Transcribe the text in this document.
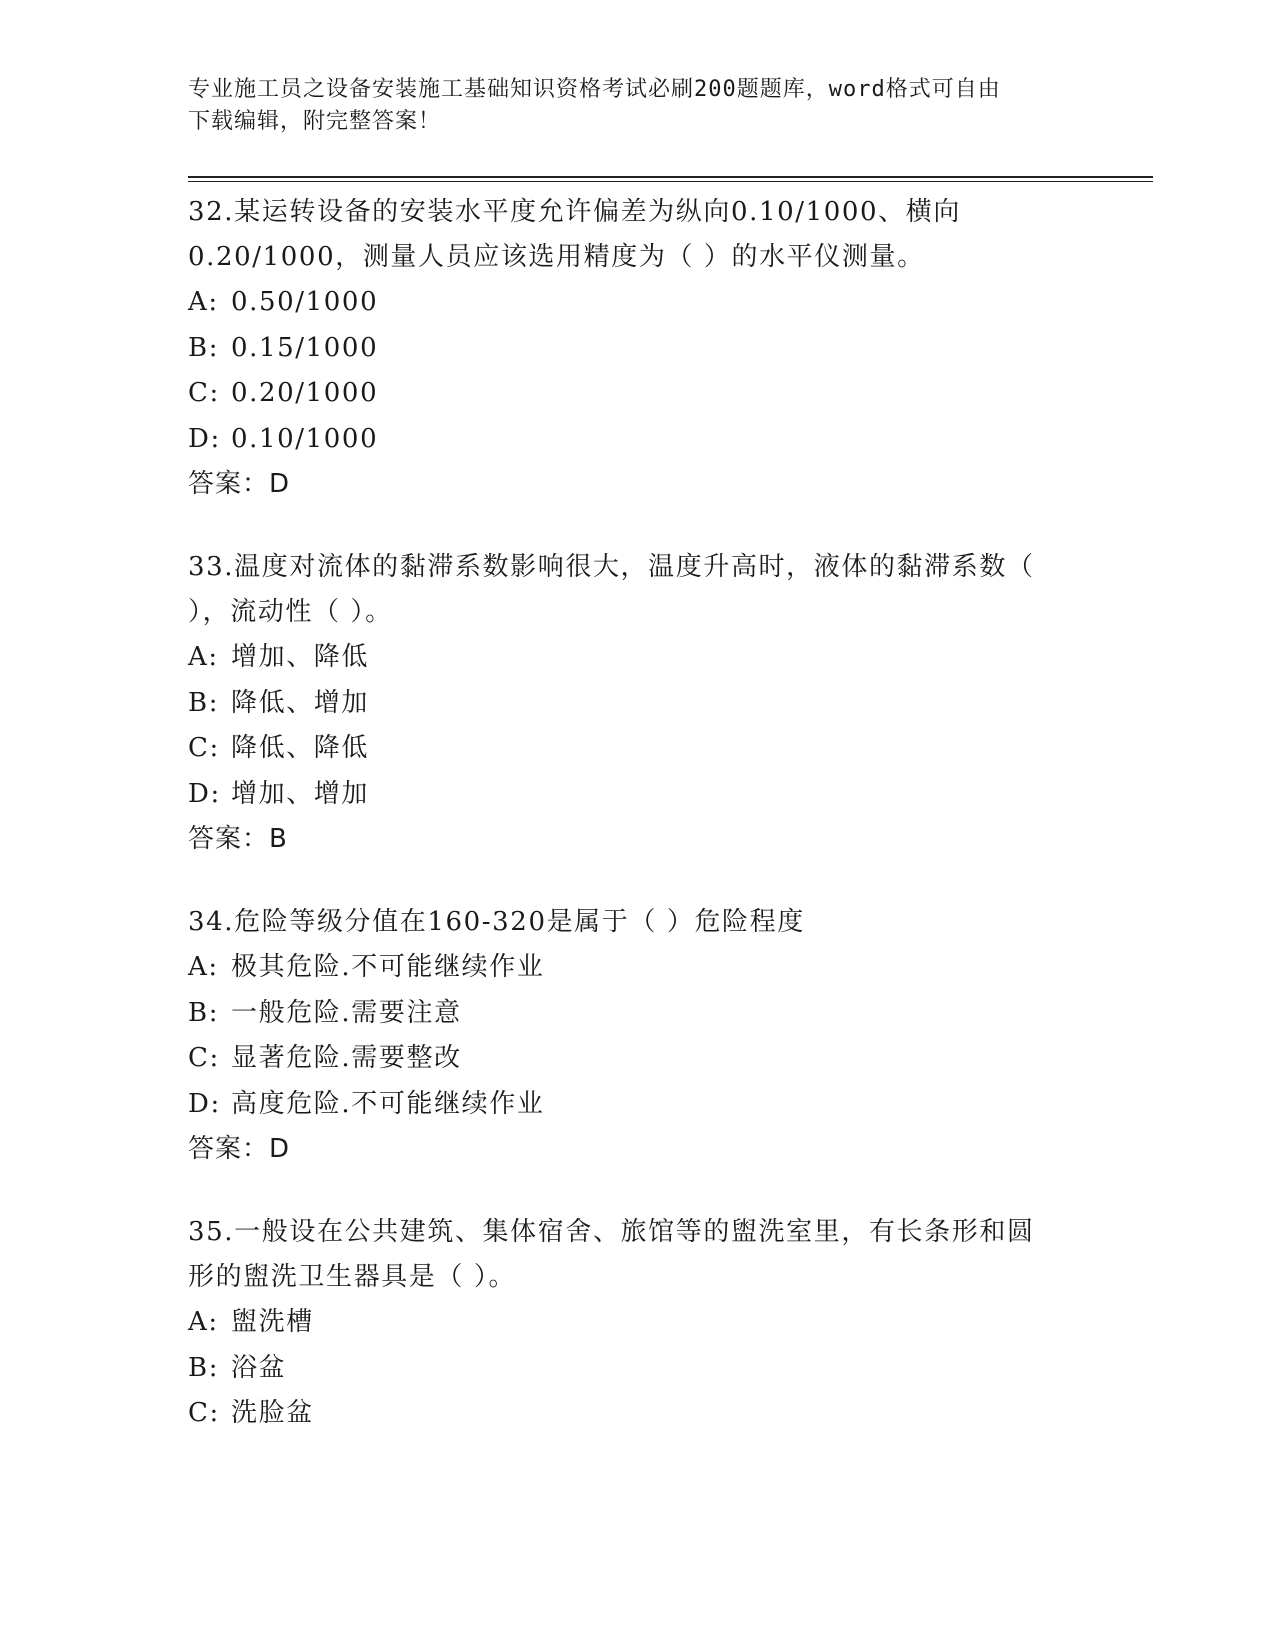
专业施工员之设备安装施工基础知识资格考试必刷200题题库，word格式可自由
下载编辑，附完整答案！
32.某运转设备的安装水平度允许偏差为纵向0.10/1000、横向
0.20/1000，测量人员应该选用精度为（ ）的水平仪测量。
A: 0.50/1000
B: 0.15/1000
C: 0.20/1000
D: 0.10/1000
答案：D
33.温度对流体的黏滞系数影响很大，温度升高时，液体的黏滞系数（
），流动性（ ）。
A: 增加、降低
B: 降低、增加
C: 降低、降低
D: 增加、增加
答案：B
34.危险等级分值在160-320是属于（ ）危险程度
A: 极其危险.不可能继续作业
B: 一般危险.需要注意
C: 显著危险.需要整改
D: 高度危险.不可能继续作业
答案：D
35.一般设在公共建筑、集体宿舍、旅馆等的盥洗室里，有长条形和圆
形的盥洗卫生器具是（ ）。
A: 盥洗槽
B: 浴盆
C: 洗脸盆
